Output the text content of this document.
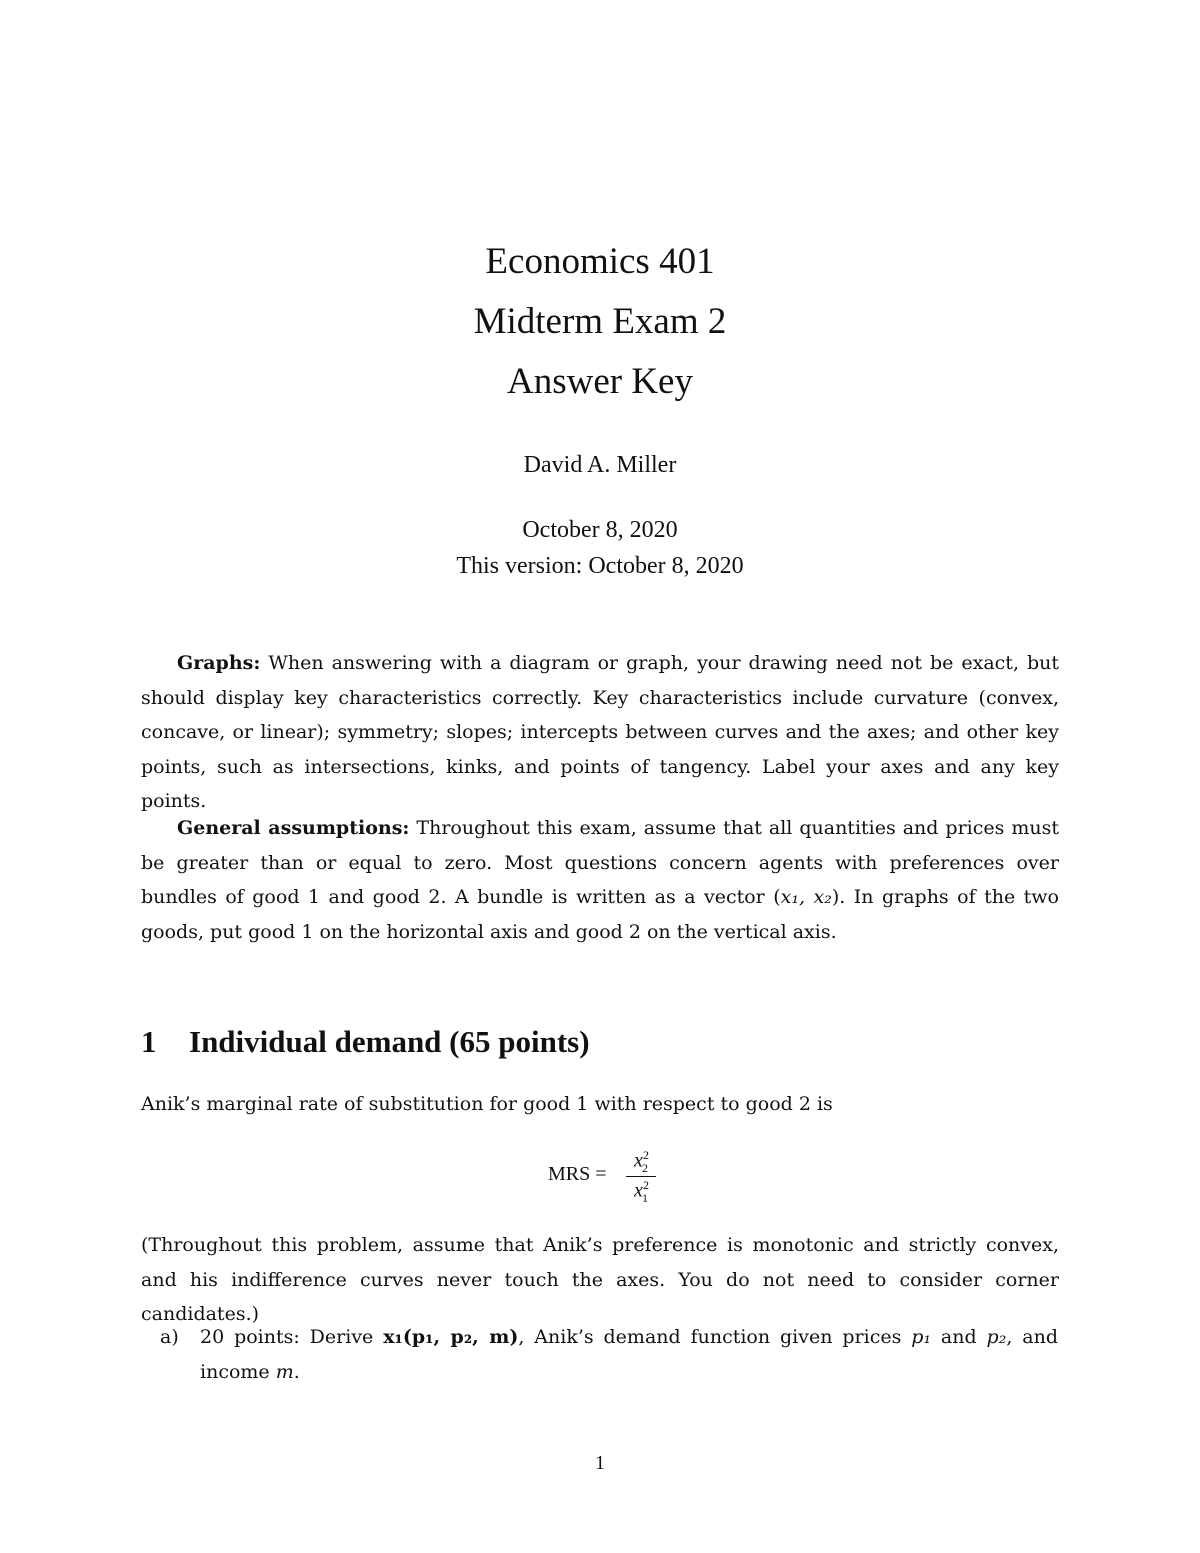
Economics 401
Midterm Exam 2
Answer Key
David A. Miller
October 8, 2020
This version: October 8, 2020
Graphs: When answering with a diagram or graph, your drawing need not be exact, but should display key characteristics correctly. Key characteristics include curvature (convex, concave, or linear); symmetry; slopes; intercepts between curves and the axes; and other key points, such as intersections, kinks, and points of tangency. Label your axes and any key points.
General assumptions: Throughout this exam, assume that all quantities and prices must be greater than or equal to zero. Most questions concern agents with preferences over bundles of good 1 and good 2. A bundle is written as a vector (x₁, x₂). In graphs of the two goods, put good 1 on the horizontal axis and good 2 on the vertical axis.
1 Individual demand (65 points)
Anik’s marginal rate of substitution for good 1 with respect to good 2 is
MRS =
$x^2_2$
$x^2_1$
(Throughout this problem, assume that Anik’s preference is monotonic and strictly convex, and his indifference curves never touch the axes. You do not need to consider corner candidates.)
a) 20 points: Derive x₁(p₁, p₂, m), Anik’s demand function given prices p₁ and p₂, and income m.
1
